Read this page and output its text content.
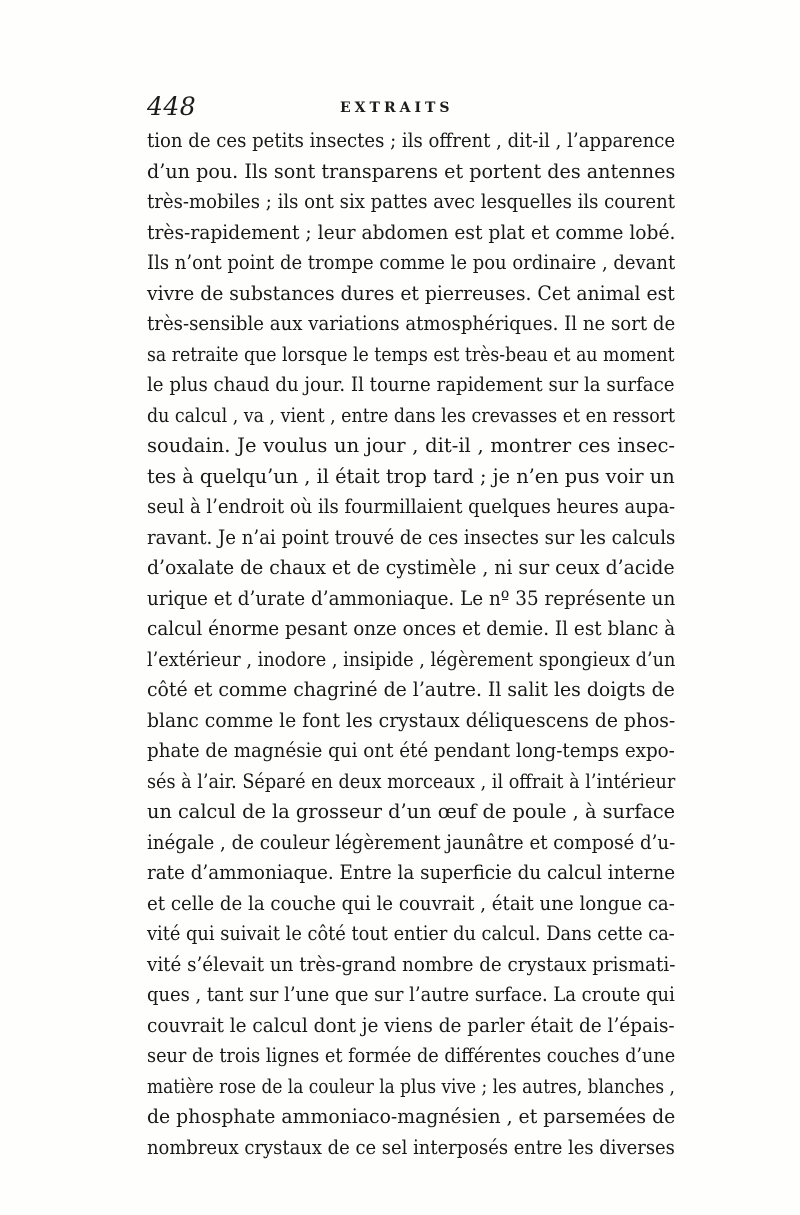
448	EXTRAITS
tion de ces petits insectes ; ils offrent , dit-il , l’apparence
d’un pou. Ils sont transparens et portent des antennes
très-mobiles ; ils ont six pattes avec lesquelles ils courent
très-rapidement ; leur abdomen est plat et comme lobé.
Ils n’ont point de trompe comme le pou ordinaire , devant
vivre de substances dures et pierreuses. Cet animal est
très-sensible aux variations atmosphériques. Il ne sort de
sa retraite que lorsque le temps est très-beau et au moment
le plus chaud du jour. Il tourne rapidement sur la surface
du calcul , va , vient , entre dans les crevasses et en ressort
soudain. Je voulus un jour , dit-il , montrer ces insec-
tes à quelqu’un , il était trop tard ; je n’en pus voir un
seul à l’endroit où ils fourmillaient quelques heures aupa-
ravant. Je n’ai point trouvé de ces insectes sur les calculs
d’oxalate de chaux et de cystimèle , ni sur ceux d’acide
urique et d’urate d’ammoniaque. Le nº 35 représente un
calcul énorme pesant onze onces et demie. Il est blanc à
l’extérieur , inodore , insipide , légèrement spongieux d’un
côté et comme chagriné de l’autre. Il salit les doigts de
blanc comme le font les crystaux déliquescens de phos-
phate de magnésie qui ont été pendant long-temps expo-
sés à l’air. Séparé en deux morceaux , il offrait à l’intérieur
un calcul de la grosseur d’un œuf de poule , à surface
inégale , de couleur légèrement jaunâtre et composé d’u-
rate d’ammoniaque. Entre la superficie du calcul interne
et celle de la couche qui le couvrait , était une longue ca-
vité qui suivait le côté tout entier du calcul. Dans cette ca-
vité s’élevait un très-grand nombre de crystaux prismati-
ques , tant sur l’une que sur l’autre surface. La croute qui
couvrait le calcul dont je viens de parler était de l’épais-
seur de trois lignes et formée de différentes couches d’une
matière rose de la couleur la plus vive ; les autres, blanches ,
de phosphate ammoniaco-magnésien , et parsemées de
nombreux crystaux de ce sel interposés entre les diverses
